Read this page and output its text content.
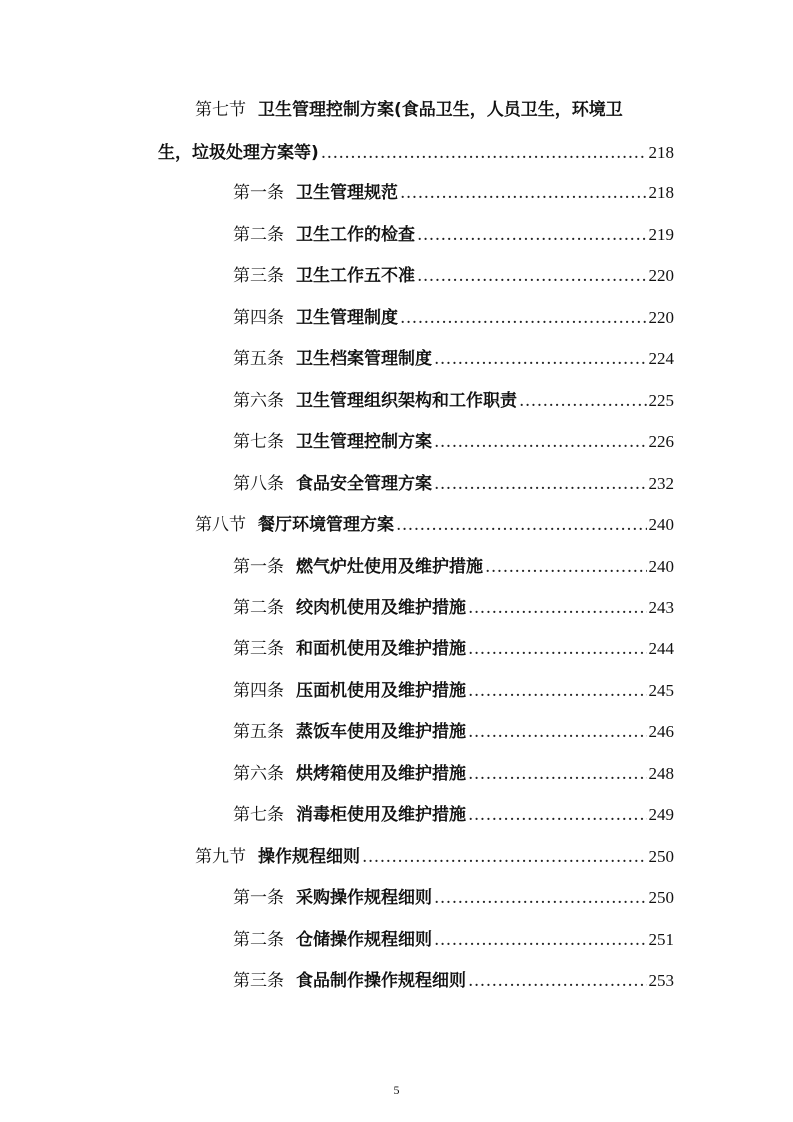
第七节 卫生管理控制方案(食品卫生，人员卫生，环境卫
生，垃圾处理方案等) .....	218
第一条 卫生管理规范 .....	218
第二条 卫生工作的检查 .....	219
第三条 卫生工作五不准 .....	220
第四条 卫生管理制度 .....	220
第五条 卫生档案管理制度 .....	224
第六条 卫生管理组织架构和工作职责 .....	225
第七条 卫生管理控制方案 .....	226
第八条 食品安全管理方案 .....	232
第八节 餐厅环境管理方案 .....	240
第一条 燃气炉灶使用及维护措施 .....	240
第二条 绞肉机使用及维护措施 .....	243
第三条 和面机使用及维护措施 .....	244
第四条 压面机使用及维护措施 .....	245
第五条 蒸饭车使用及维护措施 .....	246
第六条 烘烤箱使用及维护措施 .....	248
第七条 消毒柜使用及维护措施 .....	249
第九节 操作规程细则 .....	250
第一条 采购操作规程细则 .....	250
第二条 仓储操作规程细则 .....	251
第三条 食品制作操作规程细则 .....	253
5
